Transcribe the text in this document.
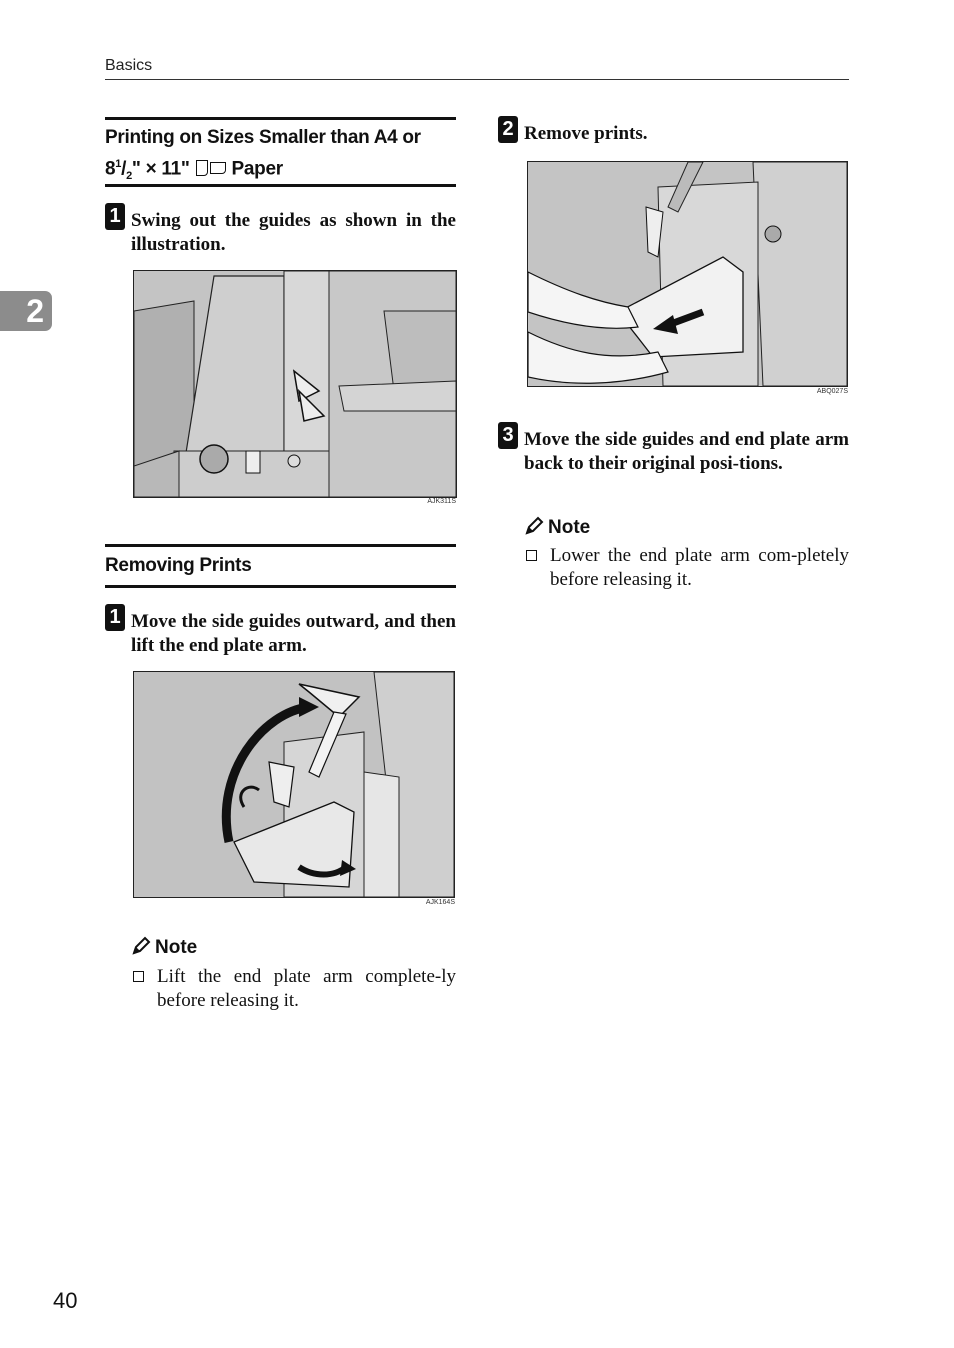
Basics
2
Printing on Sizes Smaller than A4 or
$8^1/_2$" × 11" Paper
1 Swing out the guides as shown in the illustration.
AJK311S
Removing Prints
1 Move the side guides outward, and then lift the end plate arm.
AJK164S
Note
Lift the end plate arm complete-ly before releasing it.
2 Remove prints.
ABQ027S
3 Move the side guides and end plate arm back to their original posi-tions.
Note
Lower the end plate arm com-pletely before releasing it.
40
